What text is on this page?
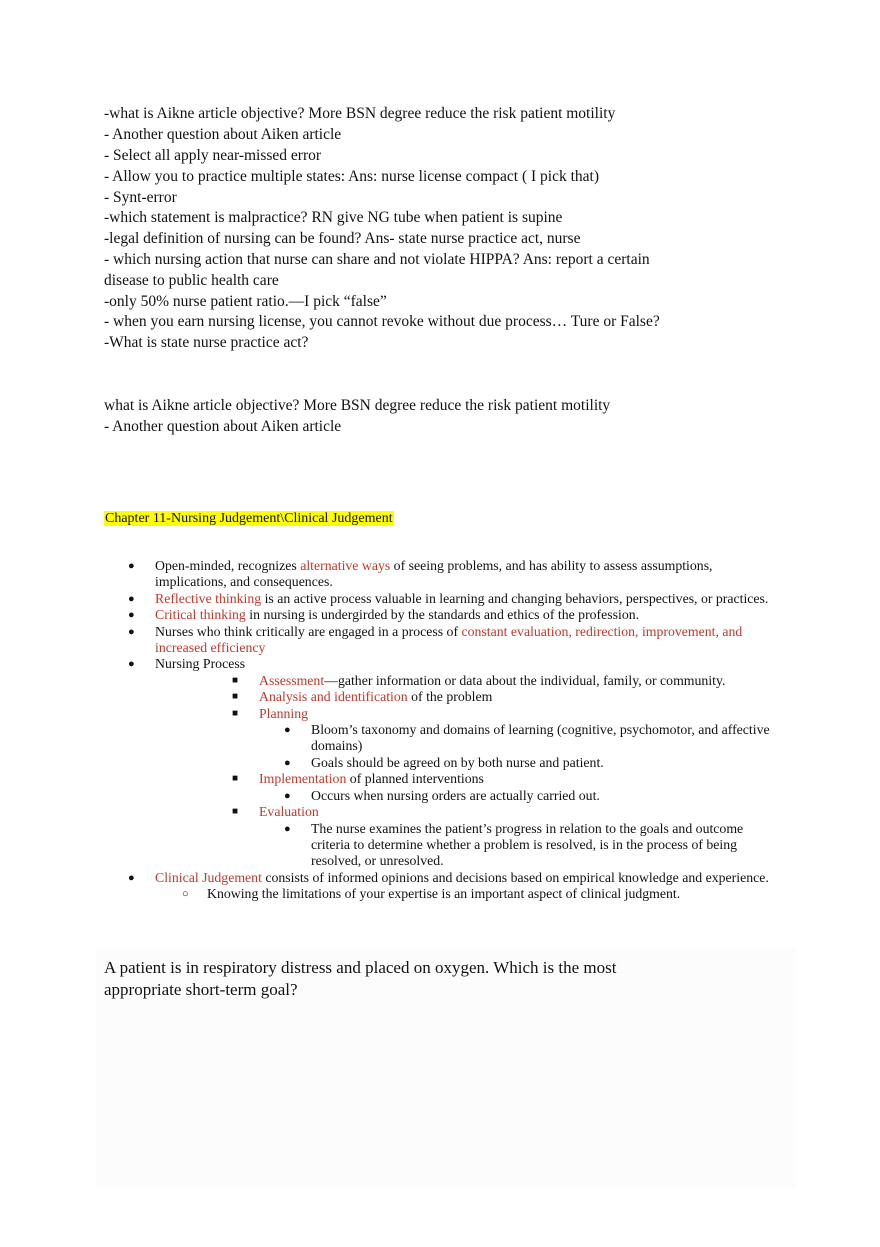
-what is Aikne article objective? More BSN degree reduce the risk patient motility
- Another question about Aiken article
- Select all apply near-missed error
- Allow you to practice multiple states: Ans: nurse license compact ( I pick that)
- Synt-error
-which statement is malpractice? RN give NG tube when patient is supine
-legal definition of nursing can be found? Ans- state nurse practice act, nurse
- which nursing action that nurse can share and not violate HIPPA? Ans: report a certain
disease to public health care
-only 50% nurse patient ratio.—I pick “false”
- when you earn nursing license, you cannot revoke without due process… Ture or False?
-What is state nurse practice act?
what is Aikne article objective? More BSN degree reduce the risk patient motility
- Another question about Aiken article
Chapter 11-Nursing Judgement\Clinical Judgement
● Open-minded, recognizes alternative ways of seeing problems, and has ability to assess assumptions, implications, and consequences.
● Reflective thinking is an active process valuable in learning and changing behaviors, perspectives, or practices.
● Critical thinking in nursing is undergirded by the standards and ethics of the profession.
● Nurses who think critically are engaged in a process of constant evaluation, redirection, improvement, and increased efficiency
● Nursing Process
■ Assessment—gather information or data about the individual, family, or community.
■ Analysis and identification of the problem
■ Planning
● Bloom’s taxonomy and domains of learning (cognitive, psychomotor, and affective domains)
● Goals should be agreed on by both nurse and patient.
■ Implementation of planned interventions
● Occurs when nursing orders are actually carried out.
■ Evaluation
● The nurse examines the patient’s progress in relation to the goals and outcome criteria to determine whether a problem is resolved, is in the process of being resolved, or unresolved.
● Clinical Judgement consists of informed opinions and decisions based on empirical knowledge and experience.
○ Knowing the limitations of your expertise is an important aspect of clinical judgment.
A patient is in respiratory distress and placed on oxygen. Which is the most appropriate short-term goal?
